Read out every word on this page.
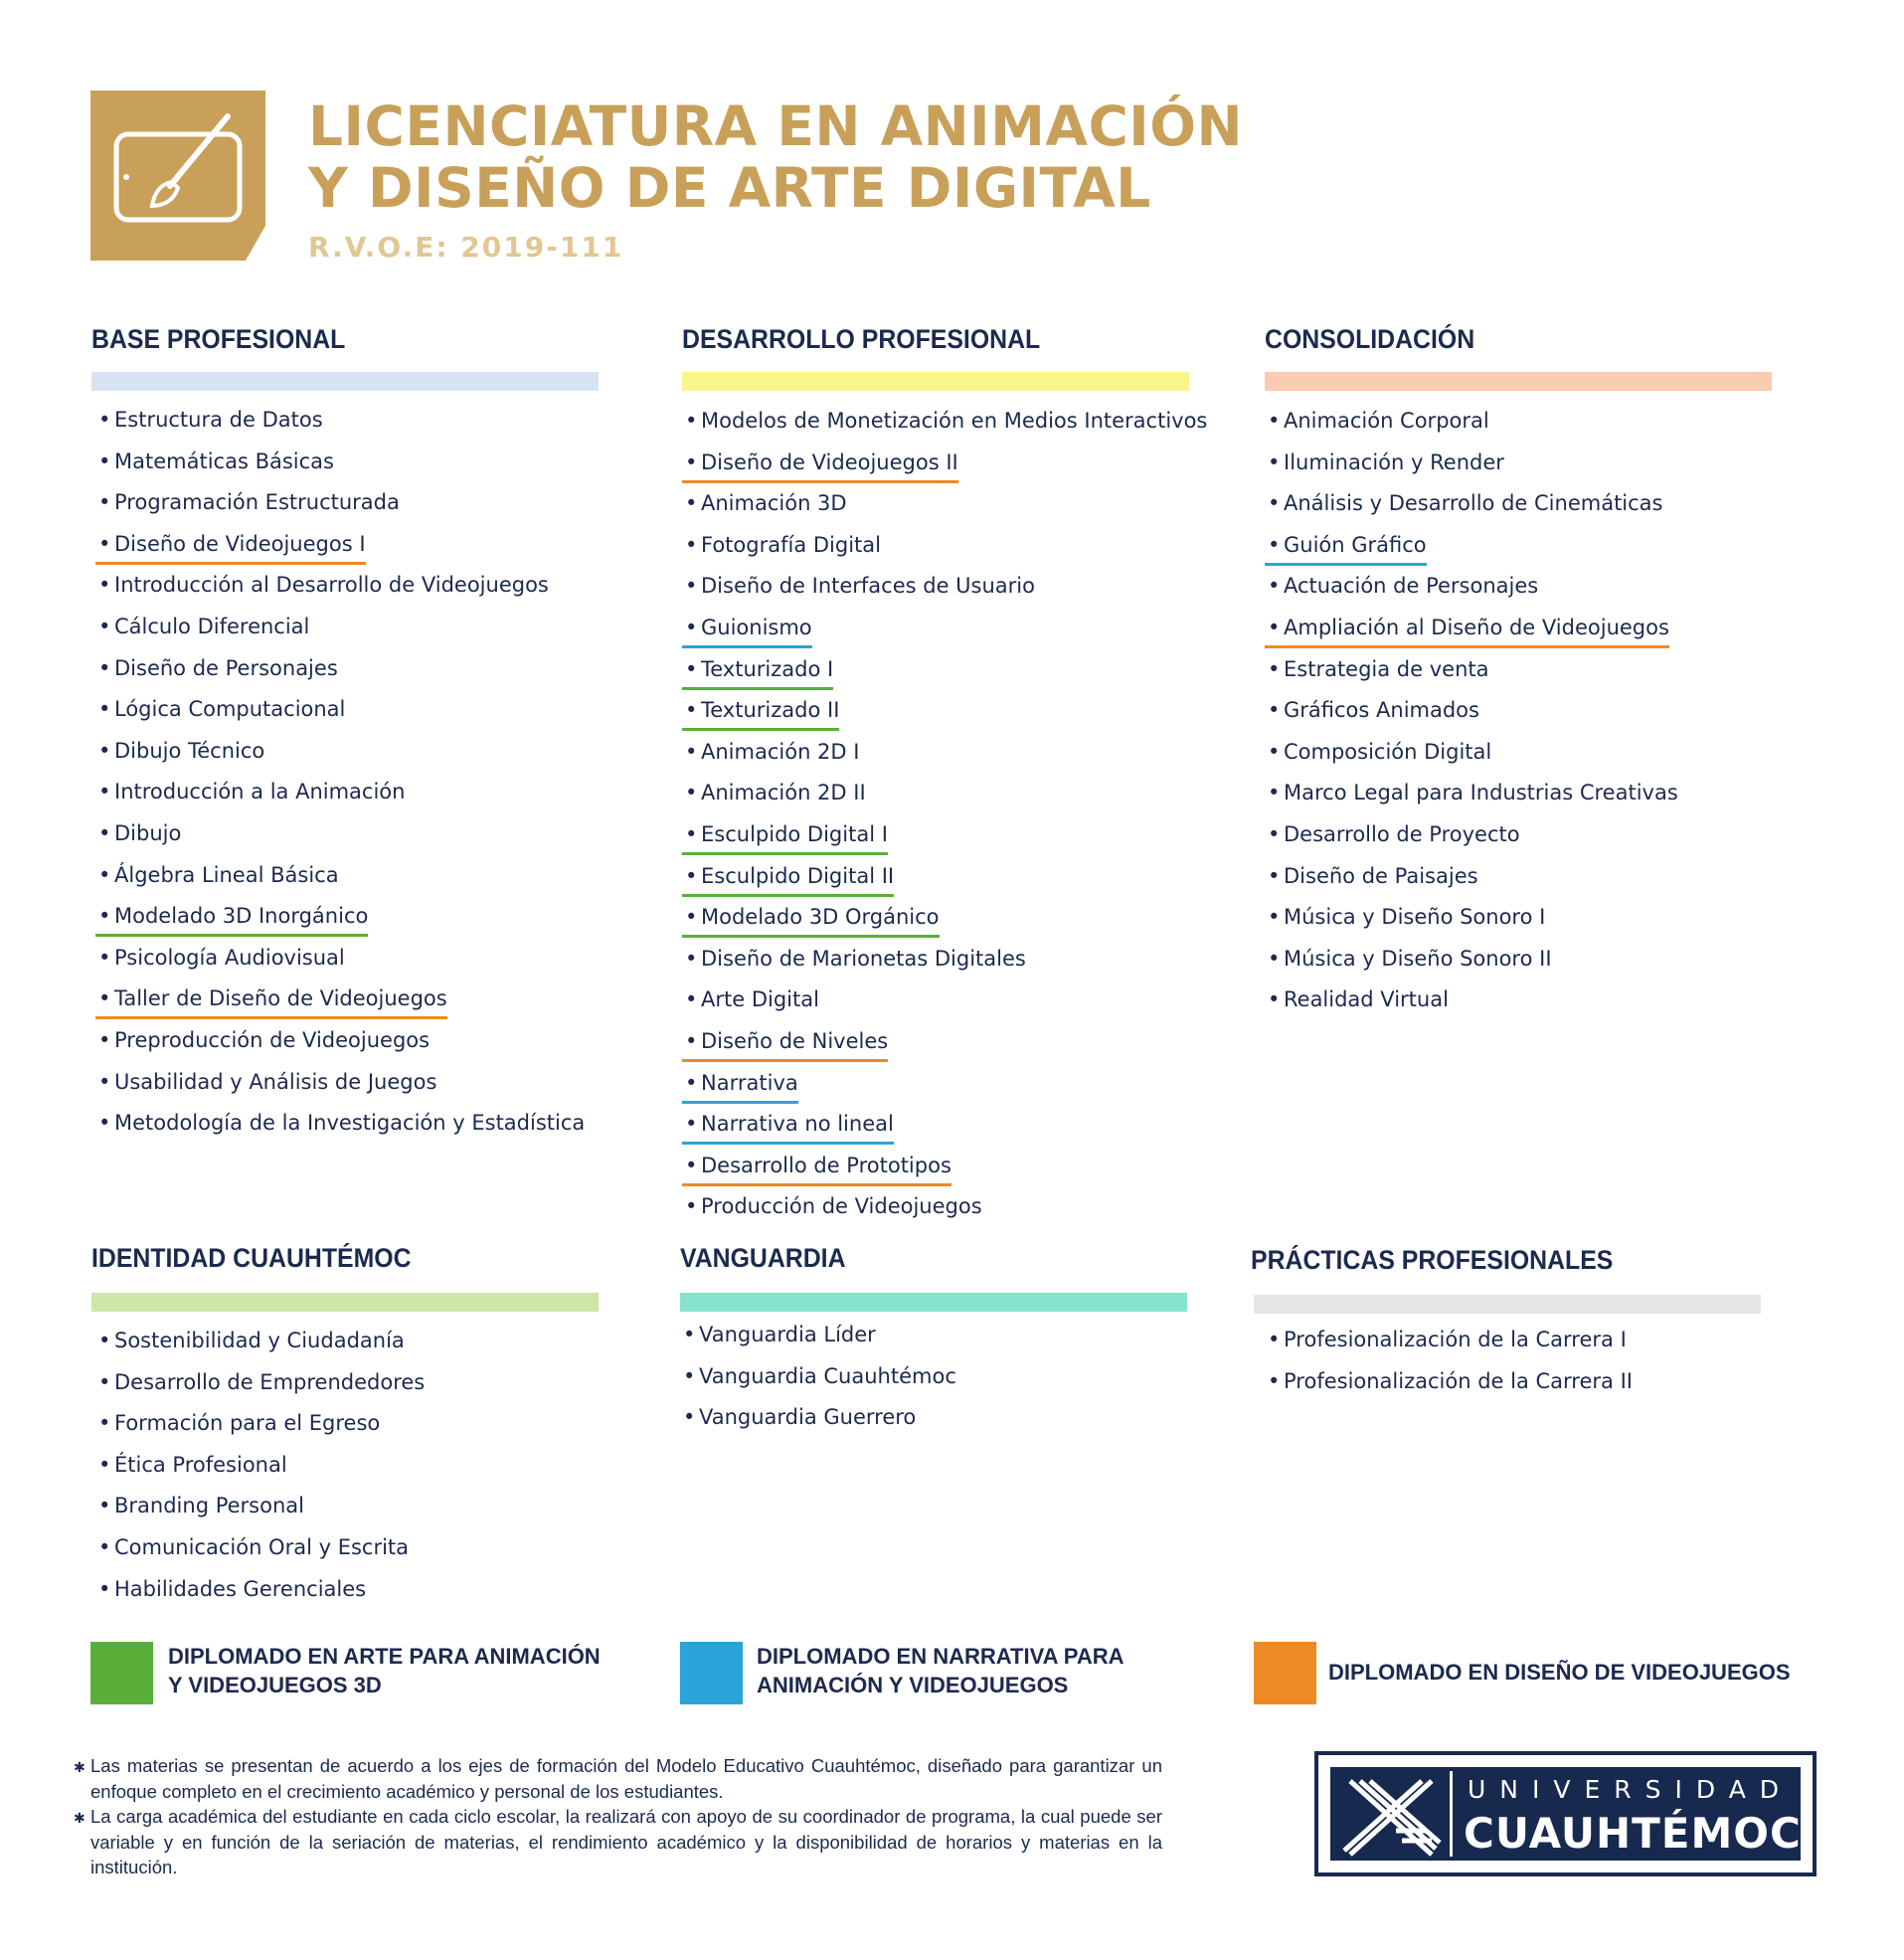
LICENCIATURA EN ANIMACIÓN
Y DISEÑO DE ARTE DIGITAL
R.V.O.E: 2019-111
BASE PROFESIONAL
• Estructura de Datos
• Matemáticas Básicas
• Programación Estructurada
• Diseño de Videojuegos I
• Introducción al Desarrollo de Videojuegos
• Cálculo Diferencial
• Diseño de Personajes
• Lógica Computacional
• Dibujo Técnico
• Introducción a la Animación
• Dibujo
• Álgebra Lineal Básica
• Modelado 3D Inorgánico
• Psicología Audiovisual
• Taller de Diseño de Videojuegos
• Preproducción de Videojuegos
• Usabilidad y Análisis de Juegos
• Metodología de la Investigación y Estadística
DESARROLLO PROFESIONAL
• Modelos de Monetización en Medios Interactivos
• Diseño de Videojuegos II
• Animación 3D
• Fotografía Digital
• Diseño de Interfaces de Usuario
• Guionismo
• Texturizado I
• Texturizado II
• Animación 2D I
• Animación 2D II
• Esculpido Digital I
• Esculpido Digital II
• Modelado 3D Orgánico
• Diseño de Marionetas Digitales
• Arte Digital
• Diseño de Niveles
• Narrativa
• Narrativa no lineal
• Desarrollo de Prototipos
• Producción de Videojuegos
CONSOLIDACIÓN
• Animación Corporal
• Iluminación y Render
• Análisis y Desarrollo de Cinemáticas
• Guión Gráfico
• Actuación de Personajes
• Ampliación al Diseño de Videojuegos
• Estrategia de venta
• Gráficos Animados
• Composición Digital
• Marco Legal para Industrias Creativas
• Desarrollo de Proyecto
• Diseño de Paisajes
• Música y Diseño Sonoro I
• Música y Diseño Sonoro II
• Realidad Virtual
IDENTIDAD CUAUHTÉMOC
• Sostenibilidad y Ciudadanía
• Desarrollo de Emprendedores
• Formación para el Egreso
• Ética Profesional
• Branding Personal
• Comunicación Oral y Escrita
• Habilidades Gerenciales
VANGUARDIA
• Vanguardia Líder
• Vanguardia Cuauhtémoc
• Vanguardia Guerrero
PRÁCTICAS PROFESIONALES
• Profesionalización de la Carrera I
• Profesionalización de la Carrera II
DIPLOMADO EN ARTE PARA ANIMACIÓN
Y VIDEOJUEGOS 3D
DIPLOMADO EN NARRATIVA PARA
ANIMACIÓN Y VIDEOJUEGOS
DIPLOMADO EN DISEÑO DE VIDEOJUEGOS

✱ Las materias se presentan de acuerdo a los ejes de formación del Modelo Educativo Cuauhtémoc, diseñado para garantizar un enfoque completo en el crecimiento académico y personal de los estudiantes.

✱ La carga académica del estudiante en cada ciclo escolar, la realizará con apoyo de su coordinador de programa, la cual puede ser variable y en función de la seriación de materias, el rendimiento académico y la disponibilidad de horarios y materias en la institución.

UNIVERSIDAD
CUAUHTÉMOC
